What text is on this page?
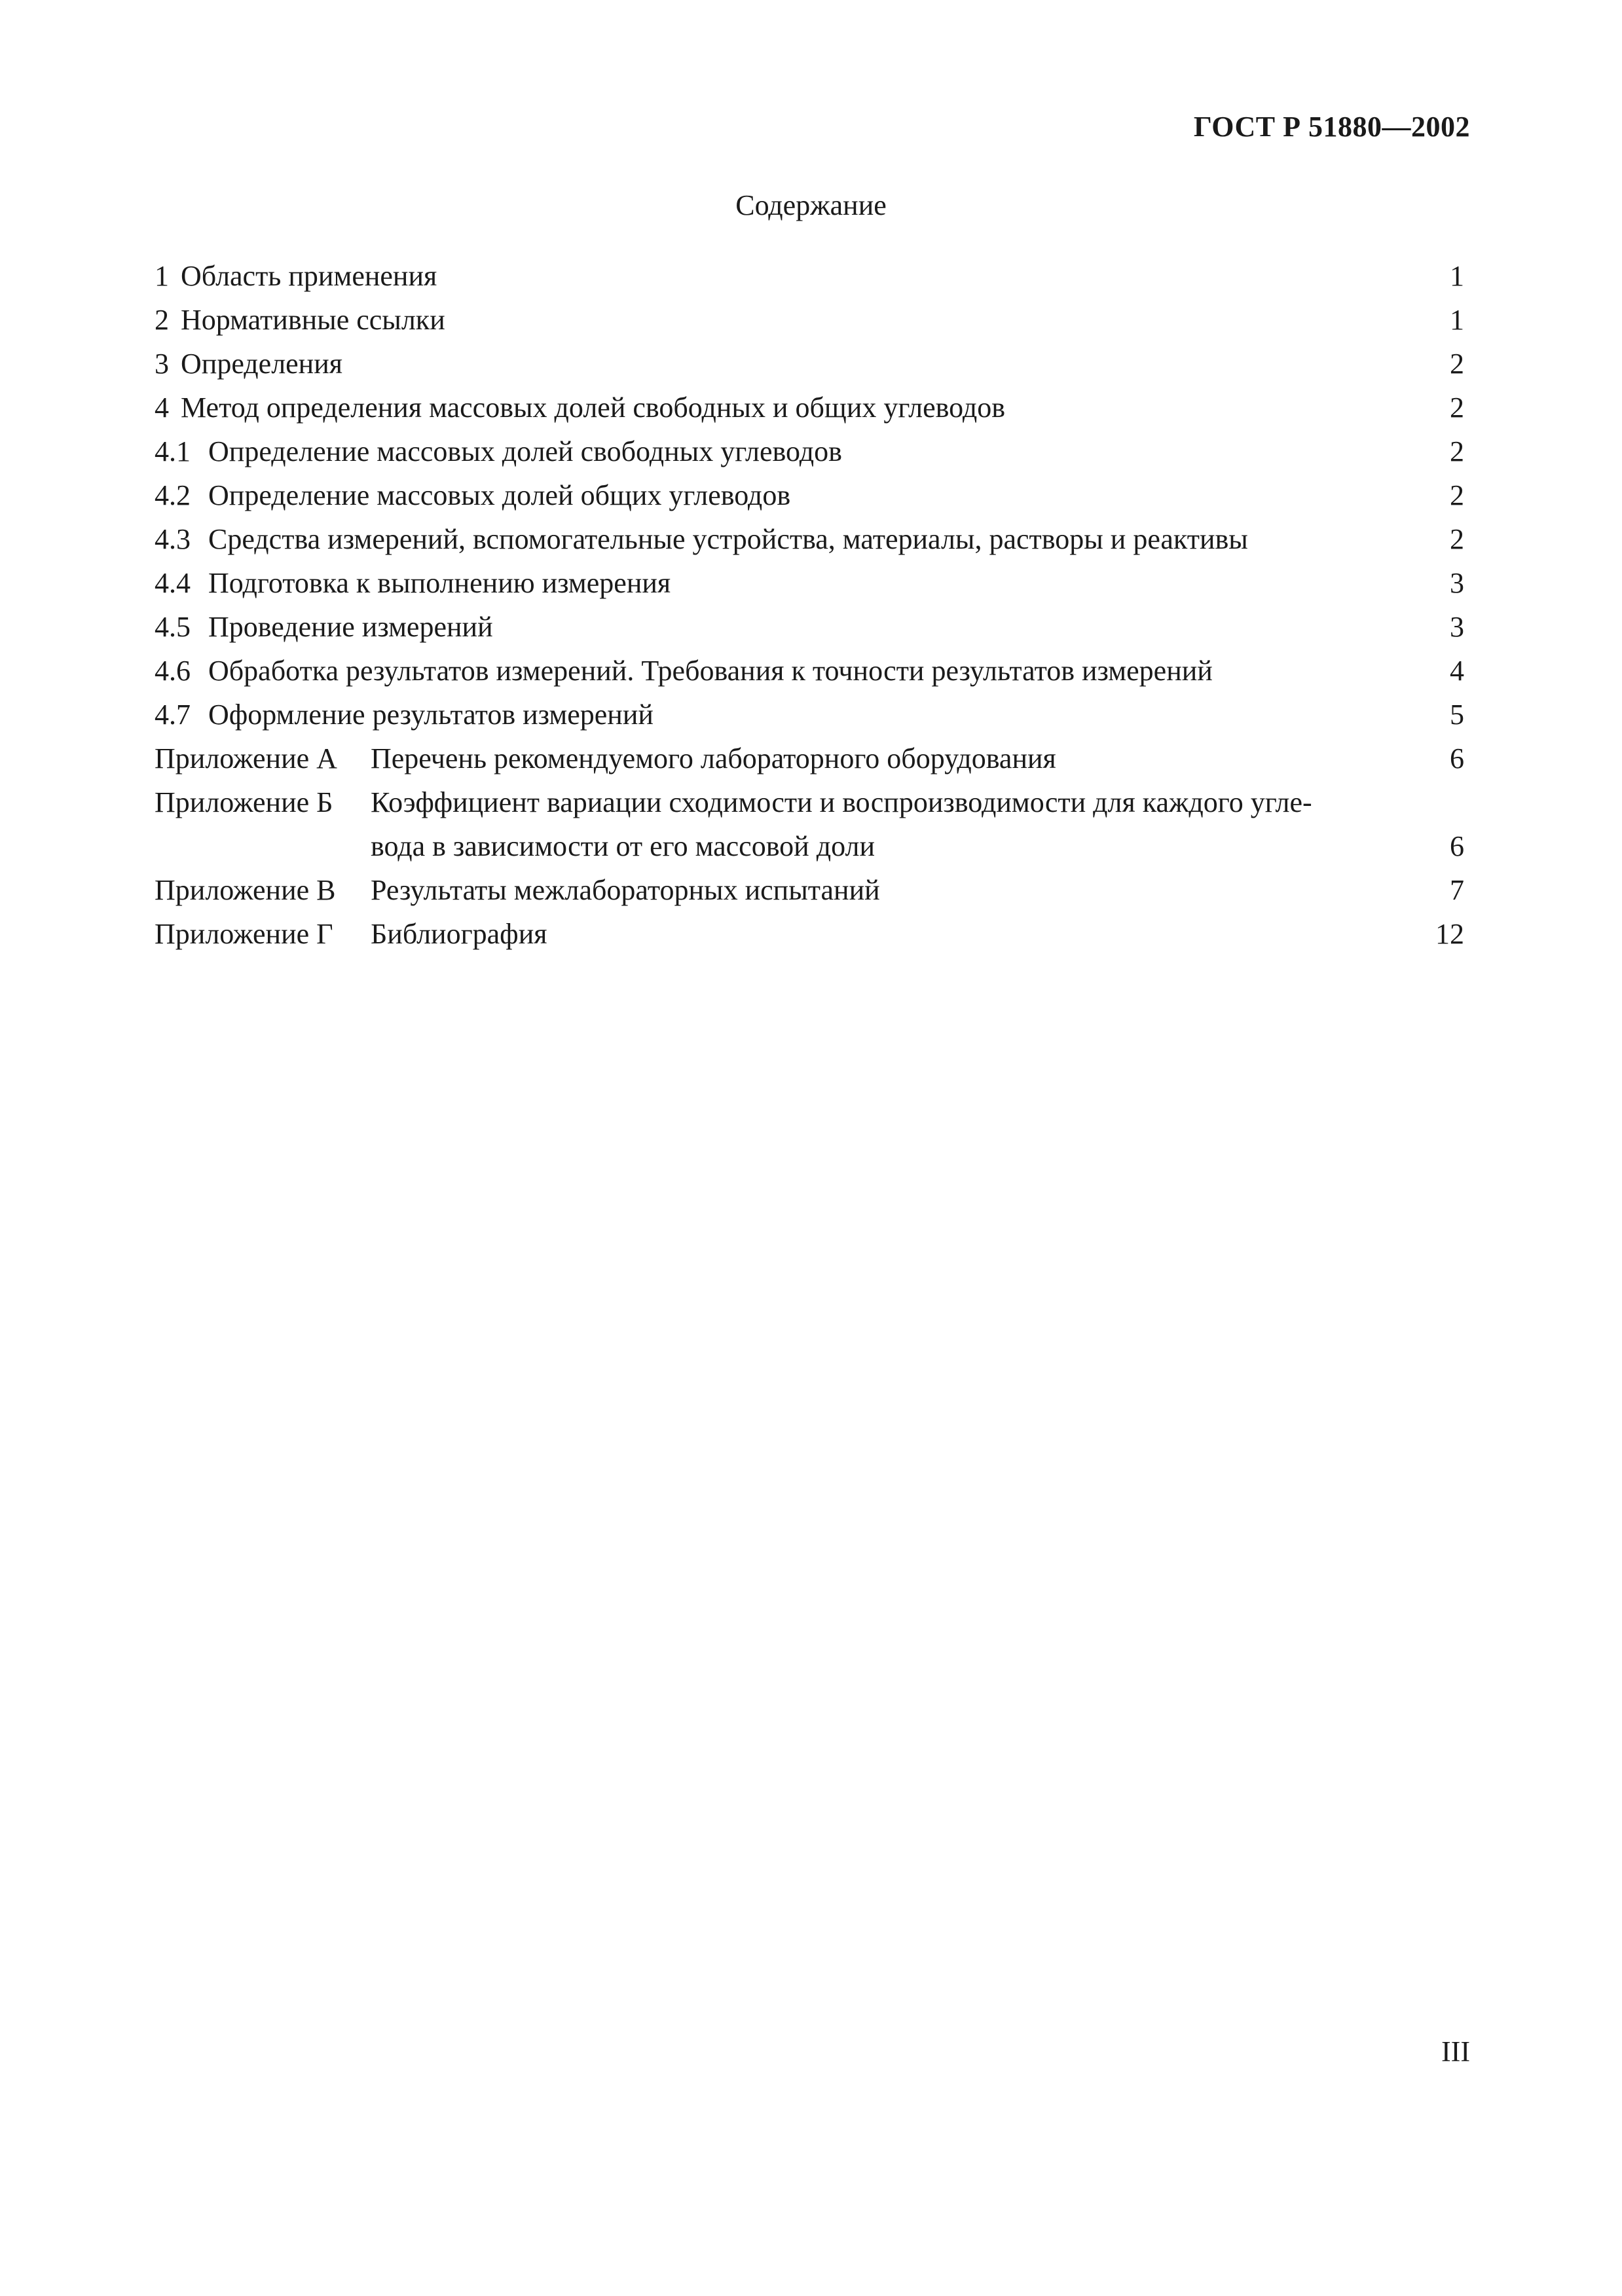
ГОСТ Р 51880—2002
Содержание
1 Область применения	1
2 Нормативные ссылки	1
3 Определения	2
4 Метод определения массовых долей свободных и общих углеводов	2
4.1 Определение массовых долей свободных углеводов	2
4.2 Определение массовых долей общих углеводов	2
4.3 Средства измерений, вспомогательные устройства, материалы, растворы и реактивы	2
4.4 Подготовка к выполнению измерения	3
4.5 Проведение измерений	3
4.6 Обработка результатов измерений. Требования к точности результатов измерений	4
4.7 Оформление результатов измерений	5
Приложение А Перечень рекомендуемого лабораторного оборудования	6
Приложение Б Коэффициент вариации сходимости и воспроизводимости для каждого угле-
вода в зависимости от его массовой доли	6
Приложение В Результаты межлабораторных испытаний	7
Приложение Г Библиография	12
III
